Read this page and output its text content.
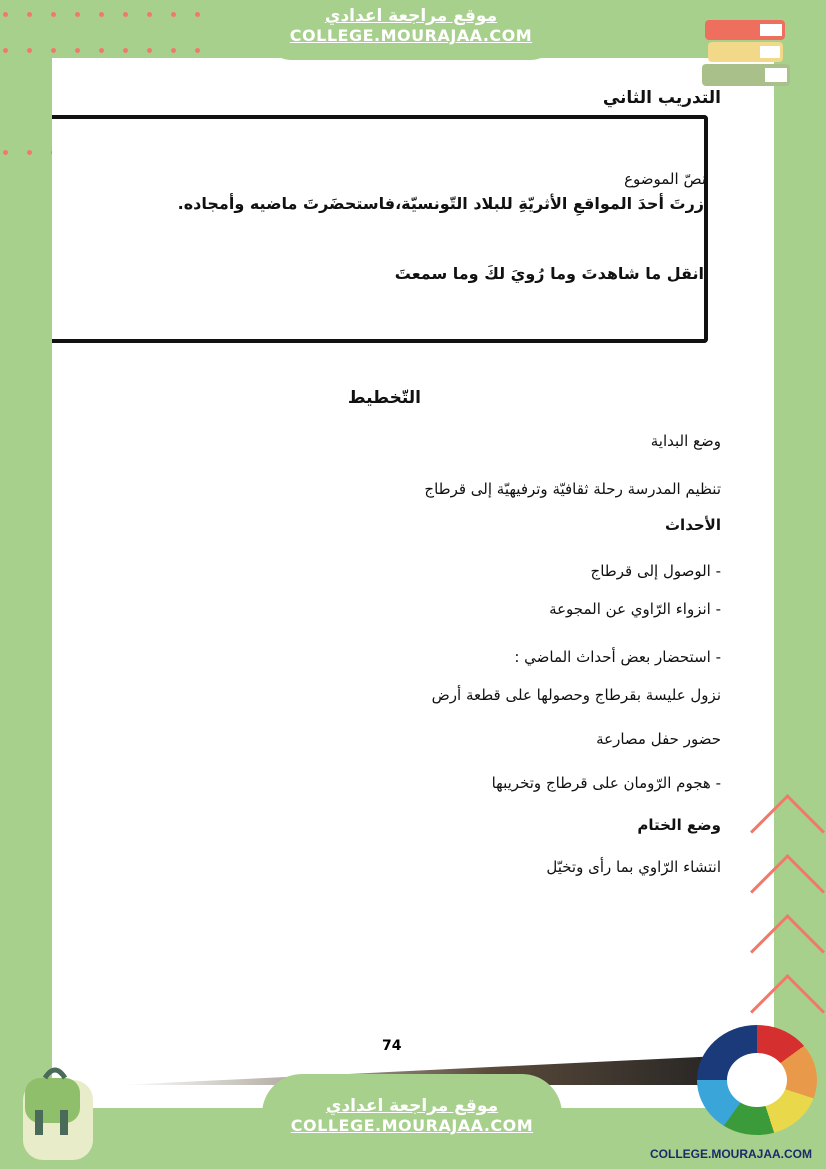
التدريب الثاني
نصّ الموضوع
زرتَ أحدَ المواقعِ الأثريّةِ للبلاد التّونسيّة،فاستحضَرتَ ماضيه وأمجاده.
انقل ما شاهدتَ وما رُويَ لكَ وما سمعتَ
التّخطيط
وضع البداية
تنظيم المدرسة رحلة ثقافيّة وترفيهيّة إلى قرطاج
الأحداث
- الوصول إلى قرطاج
- انزواء الرّاوي عن المجوعة
- استحضار بعض أحداث الماضي :
نزول عليسة بقرطاج وحصولها على قطعة أرض
حضور حفل مصارعة
- هجوم الرّومان على قرطاج وتخريبها
وضع الختام
انتشاء الرّاوي بما رأى وتخيّل
74
موقع مراجعة اعدادي
COLLEGE.MOURAJAA.COM
موقع مراجعة اعدادي
COLLEGE.MOURAJAA.COM
COLLEGE.MOURAJAA.COM
